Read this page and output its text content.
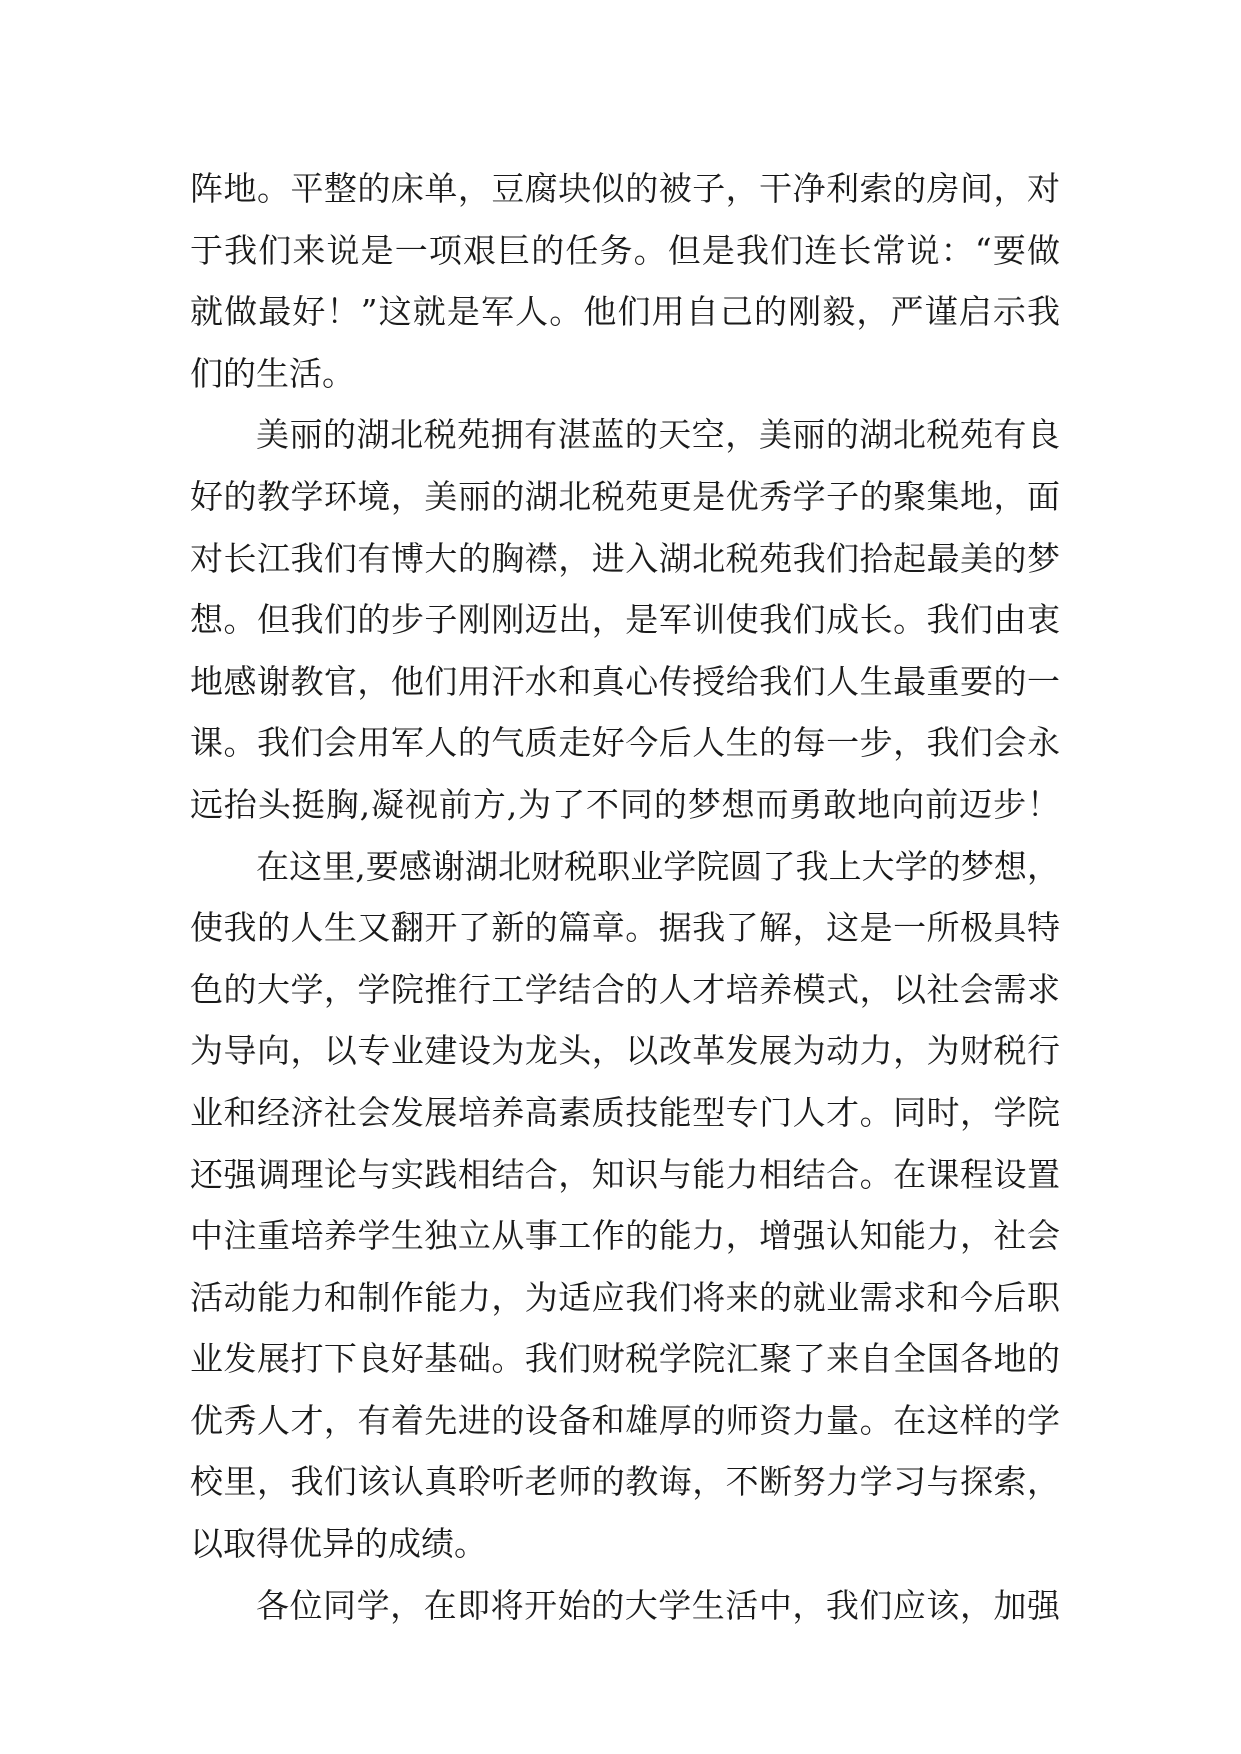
阵地。平整的床单，豆腐块似的被子，干净利索的房间，对
于我们来说是一项艰巨的任务。但是我们连长常说：“要做
就做最好！”这就是军人。他们用自己的刚毅，严谨启示我
们的生活。
美丽的湖北税苑拥有湛蓝的天空，美丽的湖北税苑有良
好的教学环境，美丽的湖北税苑更是优秀学子的聚集地，面
对长江我们有博大的胸襟，进入湖北税苑我们拾起最美的梦
想。但我们的步子刚刚迈出，是军训使我们成长。我们由衷
地感谢教官，他们用汗水和真心传授给我们人生最重要的一
课。我们会用军人的气质走好今后人生的每一步，我们会永
远抬头挺胸,凝视前方,为了不同的梦想而勇敢地向前迈步！
在这里,要感谢湖北财税职业学院圆了我上大学的梦想，
使我的人生又翻开了新的篇章。据我了解，这是一所极具特
色的大学，学院推行工学结合的人才培养模式，以社会需求
为导向，以专业建设为龙头，以改革发展为动力，为财税行
业和经济社会发展培养高素质技能型专门人才。同时，学院
还强调理论与实践相结合，知识与能力相结合。在课程设置
中注重培养学生独立从事工作的能力，增强认知能力，社会
活动能力和制作能力，为适应我们将来的就业需求和今后职
业发展打下良好基础。我们财税学院汇聚了来自全国各地的
优秀人才，有着先进的设备和雄厚的师资力量。在这样的学
校里，我们该认真聆听老师的教诲，不断努力学习与探索，
以取得优异的成绩。
各位同学，在即将开始的大学生活中，我们应该，加强
